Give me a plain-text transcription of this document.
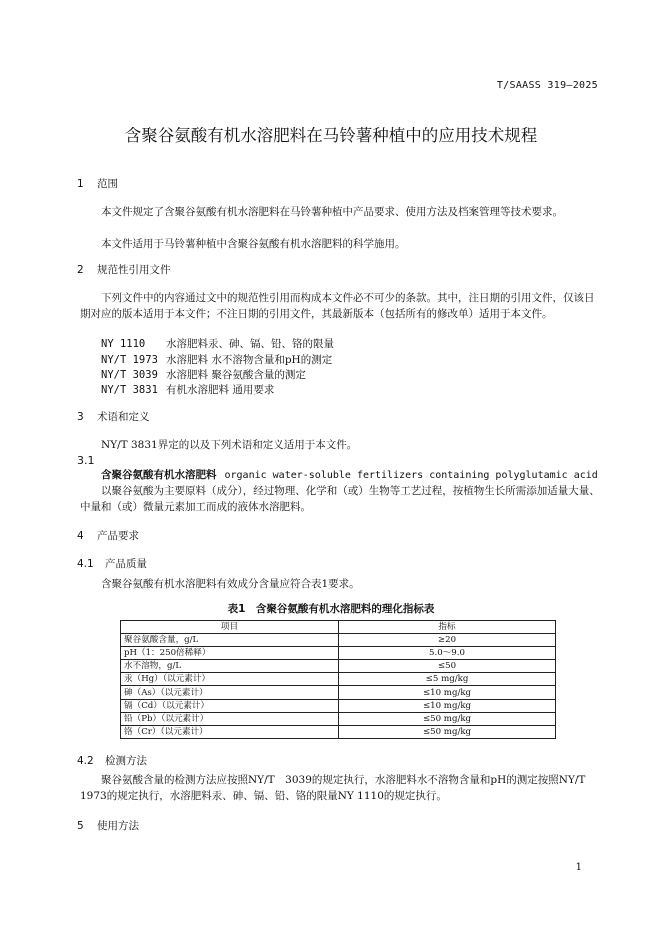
T/SAASS 319—2025
含聚谷氨酸有机水溶肥料在马铃薯种植中的应用技术规程
1 范围
本文件规定了含聚谷氨酸有机水溶肥料在马铃薯种植中产品要求、使用方法及档案管理等技术要求。
本文件适用于马铃薯种植中含聚谷氨酸有机水溶肥料的科学施用。
2 规范性引用文件
下列文件中的内容通过文中的规范性引用而构成本文件必不可少的条款。其中，注日期的引用文件，仅该日期对应的版本适用于本文件；不注日期的引用文件，其最新版本（包括所有的修改单）适用于本文件。
NY 1110 水溶肥料汞、砷、镉、铅、铬的限量
NY/T 1973 水溶肥料 水不溶物含量和pH的测定
NY/T 3039 水溶肥料 聚谷氨酸含量的测定
NY/T 3831 有机水溶肥料 通用要求
3 术语和定义
NY/T 3831界定的以及下列术语和定义适用于本文件。
3.1
含聚谷氨酸有机水溶肥料 organic water-soluble fertilizers containing polyglutamic acid
以聚谷氨酸为主要原料（成分），经过物理、化学和（或）生物等工艺过程，按植物生长所需添加适量大量、中量和（或）微量元素加工而成的液体水溶肥料。
4 产品要求
4.1 产品质量
含聚谷氨酸有机水溶肥料有效成分含量应符合表1要求。
表1　含聚谷氨酸有机水溶肥料的理化指标表
项目	指标
聚谷氨酸含量，g/L	≥20
pH（1：250倍稀释）	5.0～9.0
水不溶物，g/L	≤50
汞（Hg）（以元素计）	≤5 mg/kg
砷（As）（以元素计）	≤10 mg/kg
镉（Cd）（以元素计）	≤10 mg/kg
铅（Pb）（以元素计）	≤50 mg/kg
铬（Cr）（以元素计）	≤50 mg/kg
4.2 检测方法
聚谷氨酸含量的检测方法应按照NY/T　3039的规定执行，水溶肥料水不溶物含量和pH的测定按照NY/T 1973的规定执行，水溶肥料汞、砷、镉、铅、铬的限量NY 1110的规定执行。
5 使用方法
1
